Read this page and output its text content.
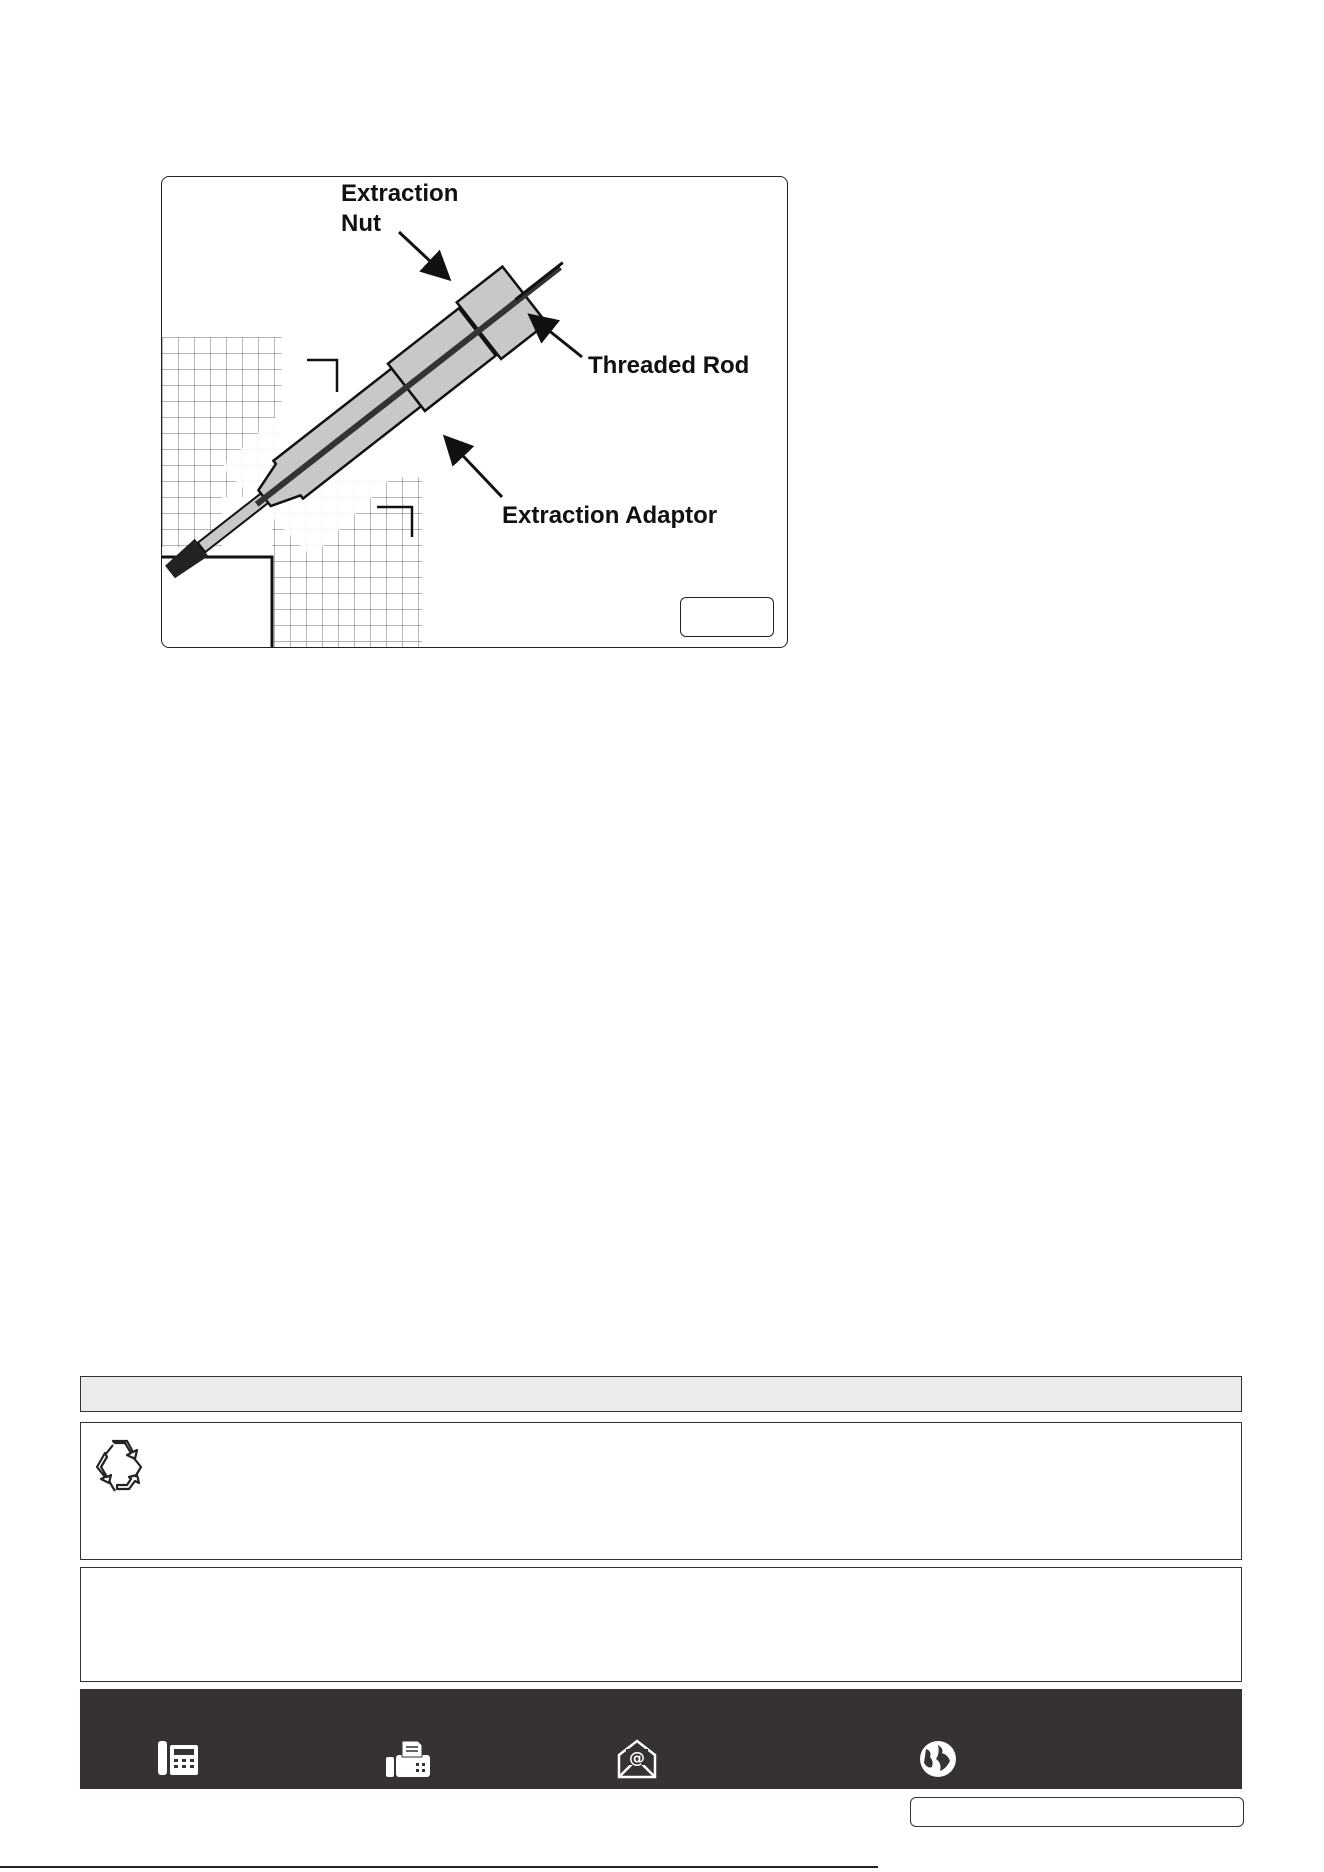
Extraction
Nut
Threaded Rod
Extraction Adaptor
@
